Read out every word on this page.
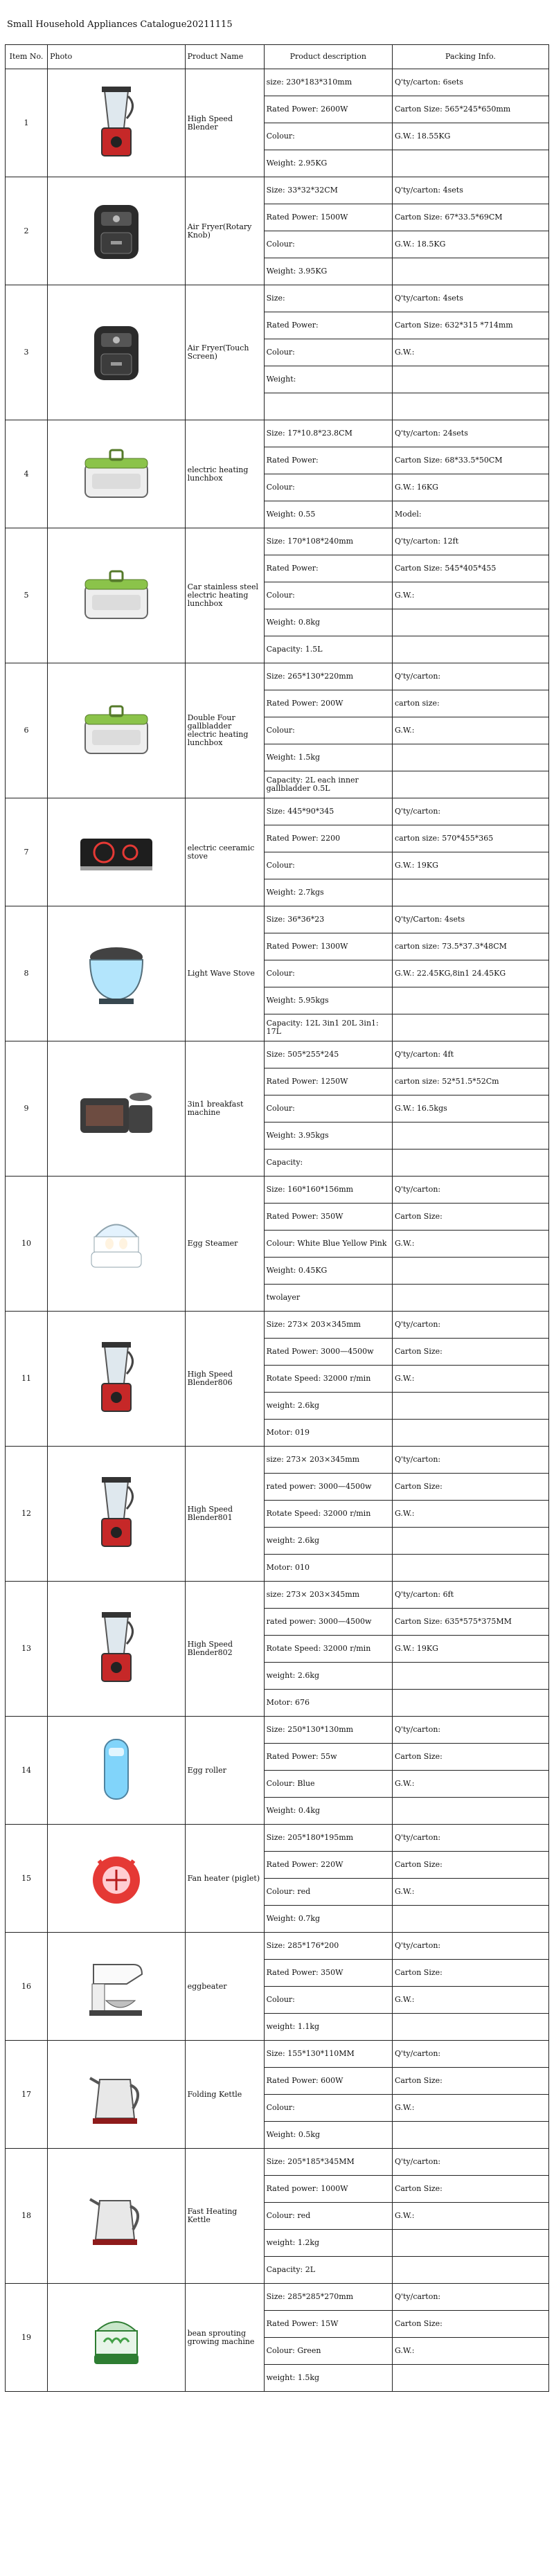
Small Household Appliances Catalogue20211115
Item No.	Photo	Product Name	Product description	Packing Info.
1		High Speed Blender	size: 230*183*310mm	Q'ty/carton: 6sets
			Rated Power: 2600W	Carton Size: 565*245*650mm
			Colour:	G.W.: 18.55KG
			Weight: 2.95KG	
2		Air Fryer(Rotary Knob)	Size: 33*32*32CM	Q'ty/carton: 4sets
			Rated Power: 1500W	Carton Size: 67*33.5*69CM
			Colour:	G.W.: 18.5KG
			Weight: 3.95KG	
3		Air Fryer(Touch Screen)	Size:	Q'ty/carton: 4sets
			Rated Power:	Carton Size: 632*315 *714mm
			Colour:	G.W.:
			Weight:	

4		electric heating lunchbox	Size: 17*10.8*23.8CM	Q'ty/carton: 24sets
			Rated Power:	Carton Size: 68*33.5*50CM
			Colour:	G.W.: 16KG
			Weight: 0.55	Model:
5		Car stainless steel electric heating lunchbox	Size: 170*108*240mm	Q'ty/carton: 12ft
			Rated Power:	Carton Size: 545*405*455
			Colour:	G.W.:
			Weight: 0.8kg	
			Capacity: 1.5L	
6		Double Four gallbladder electric heating lunchbox	Size: 265*130*220mm	Q'ty/carton:
			Rated Power: 200W	carton size:
			Colour:	G.W.:
			Weight: 1.5kg	
			Capacity: 2L each inner gallbladder 0.5L	
7		electric ceeramic stove	Size: 445*90*345	Q'ty/carton:
			Rated Power: 2200	carton size: 570*455*365
			Colour:	G.W.: 19KG
			Weight: 2.7kgs	
8		Light Wave Stove	Size: 36*36*23	Q'ty/Carton: 4sets
			Rated Power: 1300W	carton size: 73.5*37.3*48CM
			Colour:	G.W.: 22.45KG,8in1 24.45KG
			Weight: 5.95kgs	
			Capacity: 12L 3in1 20L 3in1: 17L	
9		3in1 breakfast machine	Size: 505*255*245	Q'ty/carton: 4ft
			Rated Power: 1250W	carton size: 52*51.5*52Cm
			Colour:	G.W.: 16.5kgs
			Weight: 3.95kgs	
			Capacity:	
10		Egg Steamer	Size: 160*160*156mm	Q'ty/carton:
			Rated Power: 350W	Carton Size:
			Colour: White Blue Yellow Pink	G.W.:
			Weight: 0.45KG	
			twolayer	
11		High Speed Blender806	Size: 273× 203×345mm	Q'ty/carton:
			Rated Power: 3000—4500w	Carton Size:
			Rotate Speed: 32000 r/min	G.W.:
			weight: 2.6kg	
			Motor: 019	
12		High Speed Blender801	size: 273× 203×345mm	Q'ty/carton:
			rated power: 3000—4500w	Carton Size:
			Rotate Speed: 32000 r/min	G.W.:
			weight: 2.6kg	
			Motor: 010	
13		High Speed Blender802	size: 273× 203×345mm	Q'ty/carton: 6ft
			rated power: 3000—4500w	Carton Size: 635*575*375MM
			Rotate Speed: 32000 r/min	G.W.: 19KG
			weight: 2.6kg	
			Motor: 676	
14		Egg roller	Size: 250*130*130mm	Q'ty/carton:
			Rated Power: 55w	Carton Size:
			Colour: Blue	G.W.:
			Weight: 0.4kg	
15		Fan heater (piglet)	Size: 205*180*195mm	Q'ty/carton:
			Rated Power: 220W	Carton Size:
			Colour: red	G.W.:
			Weight: 0.7kg	
16		eggbeater	Size: 285*176*200	Q'ty/carton:
			Rated Power: 350W	Carton Size:
			Colour:	G.W.:
			weight: 1.1kg	
17		Folding Kettle	Size: 155*130*110MM	Q'ty/carton:
			Rated Power: 600W	Carton Size:
			Colour:	G.W.:
			Weight: 0.5kg	
18		Fast Heating Kettle	Size: 205*185*345MM	Q'ty/carton:
			Rated power: 1000W	Carton Size:
			Colour: red	G.W.:
			weight: 1.2kg	
			Capacity: 2L	
19		bean sprouting growing machine	Size: 285*285*270mm	Q'ty/carton:
			Rated Power: 15W	Carton Size:
			Colour: Green	G.W.:
			weight: 1.5kg	
